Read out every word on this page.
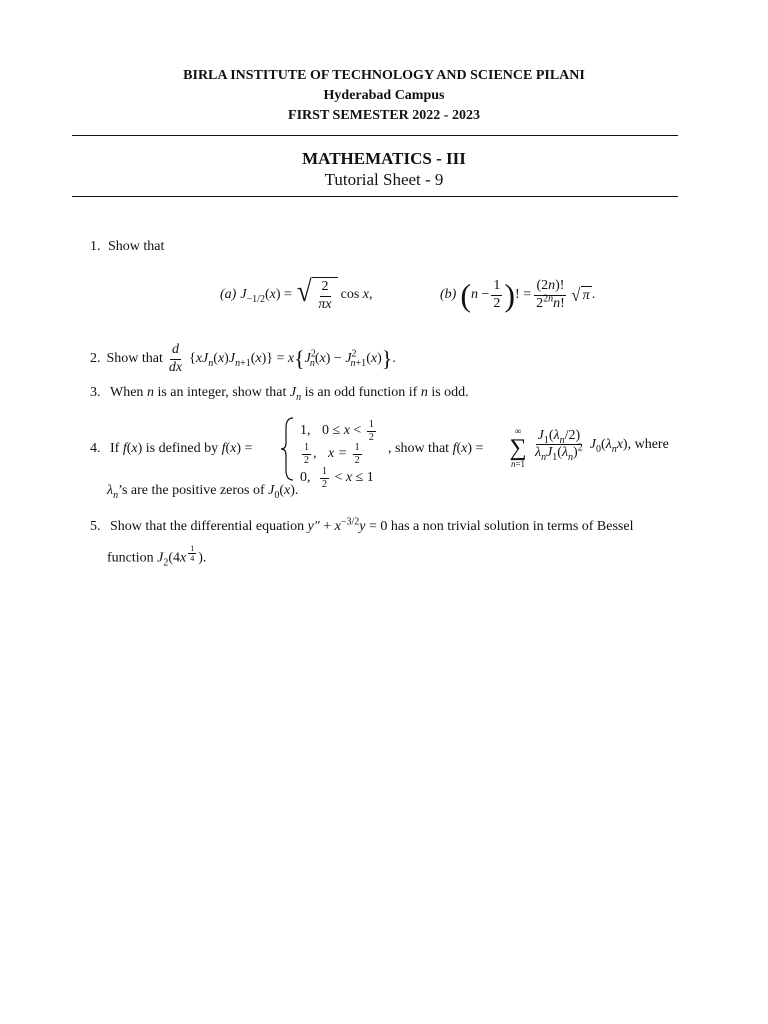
BIRLA INSTITUTE OF TECHNOLOGY AND SCIENCE PILANI
Hyderabad Campus
FIRST SEMESTER 2022 - 2023
MATHEMATICS - III
Tutorial Sheet - 9
1. Show that
(a) $J_{-1/2}(x)$ = √ $\frac{2}{\pi x}$ cos x,	(b) ( $n - \frac{1}{2}$ ) ! = $\frac{(2n)!}{2^{2n}n!}$ √ π .
2. Show that $\frac{d}{dx} \{xJ_n(x)J_{n+1}(x)\} = x$ { $J^2_n(x) - J^2_{n+1}(x)$ } .
3. When n is an integer, show that $J_n$ is an odd function if n is odd.
4. If f(x) is defined by f(x) =
1, $0 \le x < \frac{1}{2}$
$\frac{1}{2}$ , $x = \frac{1}{2}$
0, $\frac{1}{2} < x \le 1$
, show that f(x) =
∞
∑
n=1
$\frac{J_1(\lambda_n/2)}{\lambda_nJ_1(\lambda_n)^2} J_0(\lambda_nx)$ , where
$\lambda_n’s$ are the positive zeros of $J_0(x)$.
5. Show that the differential equation $y'' + x^{-3/2}y = 0$ has a non trivial solution in terms of Bessel
function $J_2(4x$ $^{\frac{1}{4}}$ ).
